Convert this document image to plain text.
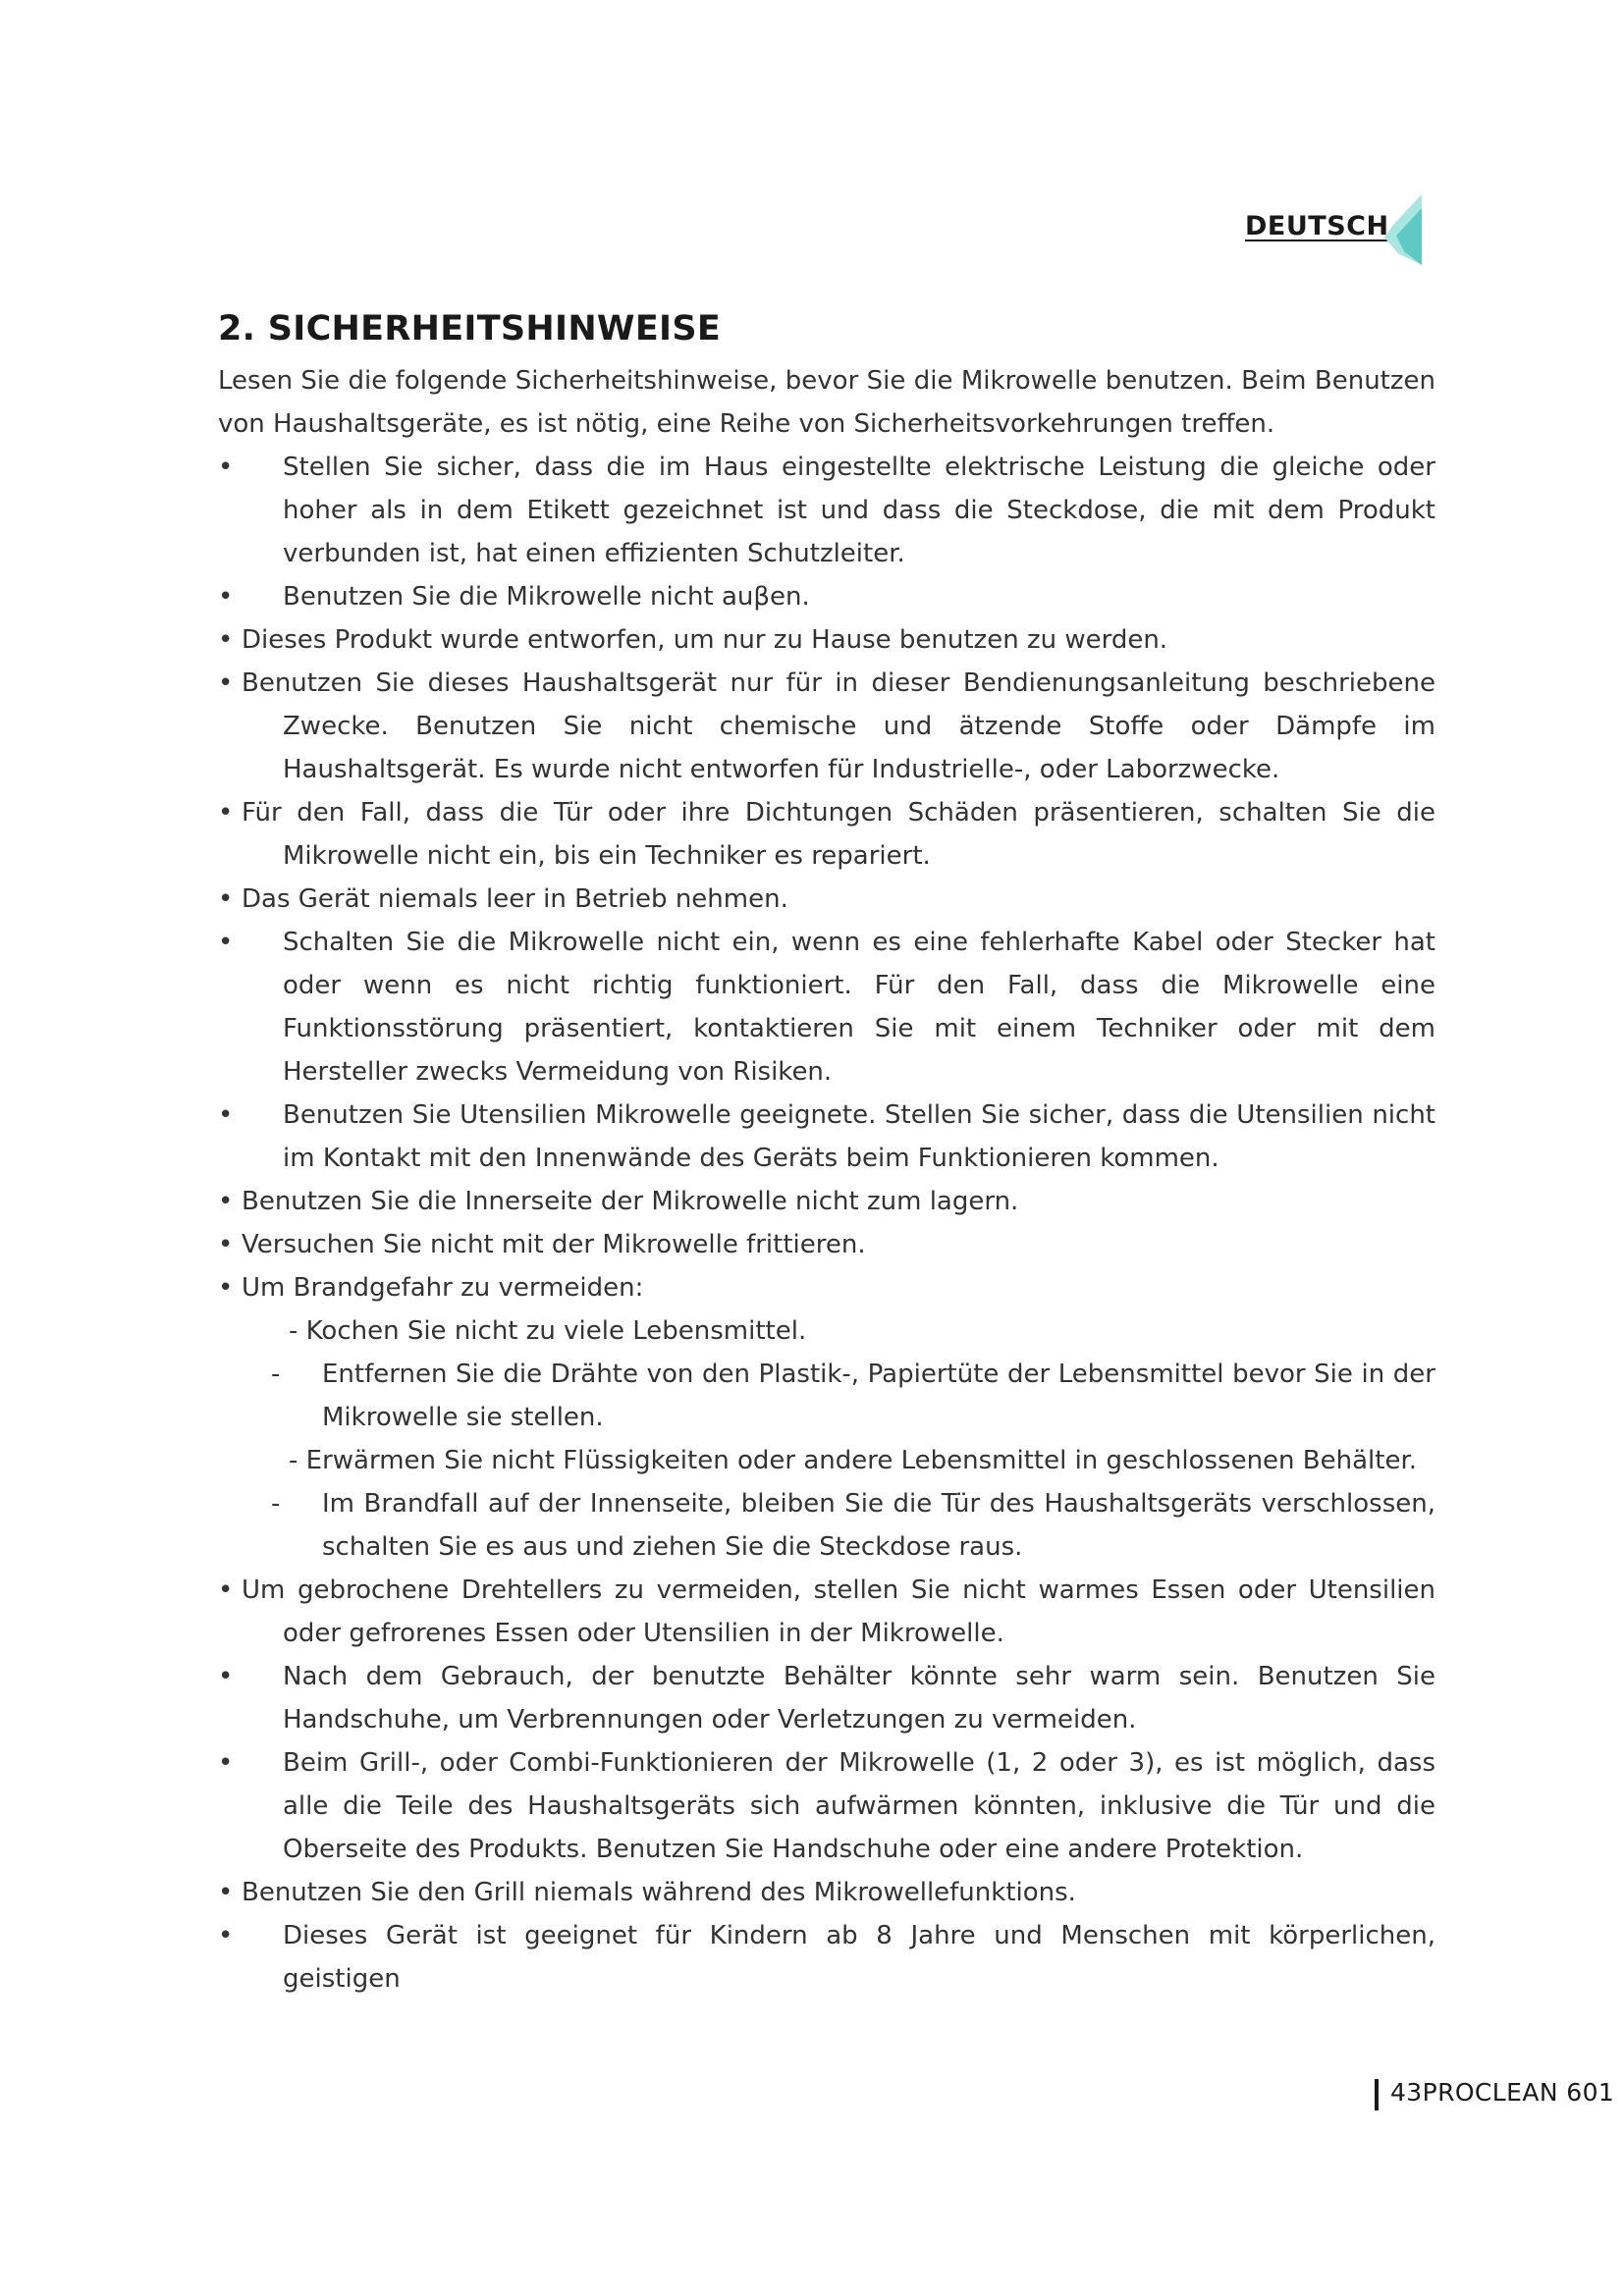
DEUTSCH
2. SICHERHEITSHINWEISE

Lesen Sie die folgende Sicherheitshinweise, bevor Sie die Mikrowelle benutzen. Beim Benutzen von Haushaltsgeräte, es ist nötig, eine Reihe von Sicherheitsvorkehrungen treffen.

• Stellen Sie sicher, dass die im Haus eingestellte elektrische Leistung die gleiche oder hoher als in dem Etikett gezeichnet ist und dass die Steckdose, die mit dem Produkt verbunden ist, hat einen effizienten Schutzleiter.
• Benutzen Sie die Mikrowelle nicht auβen.
• Dieses Produkt wurde entworfen, um nur zu Hause benutzen zu werden.
• Benutzen Sie dieses Haushaltsgerät nur für in dieser Bendienungsanleitung beschriebene Zwecke. Benutzen Sie nicht chemische und ätzende Stoffe oder Dämpfe im Haushaltsgerät. Es wurde nicht entworfen für Industrielle-, oder Laborzwecke.
• Für den Fall, dass die Tür oder ihre Dichtungen Schäden präsentieren, schalten Sie die Mikrowelle nicht ein, bis ein Techniker es repariert.
• Das Gerät niemals leer in Betrieb nehmen.
• Schalten Sie die Mikrowelle nicht ein, wenn es eine fehlerhafte Kabel oder Stecker hat oder wenn es nicht richtig funktioniert. Für den Fall, dass die Mikrowelle eine Funktionsstörung präsentiert, kontaktieren Sie mit einem Techniker oder mit dem Hersteller zwecks Vermeidung von Risiken.
• Benutzen Sie Utensilien Mikrowelle geeignete. Stellen Sie sicher, dass die Utensilien nicht im Kontakt mit den Innenwände des Geräts beim Funktionieren kommen.
• Benutzen Sie die Innerseite der Mikrowelle nicht zum lagern.
• Versuchen Sie nicht mit der Mikrowelle frittieren.
• Um Brandgefahr zu vermeiden:
- Kochen Sie nicht zu viele Lebensmittel.
- Entfernen Sie die Drähte von den Plastik-, Papiertüte der Lebensmittel bevor Sie in der Mikrowelle sie stellen.
- Erwärmen Sie nicht Flüssigkeiten oder andere Lebensmittel in geschlossenen Behälter.
- Im Brandfall auf der Innenseite, bleiben Sie die Tür des Haushaltsgeräts verschlossen, schalten Sie es aus und ziehen Sie die Steckdose raus.
• Um gebrochene Drehtellers zu vermeiden, stellen Sie nicht warmes Essen oder Utensilien oder gefrorenes Essen oder Utensilien in der Mikrowelle.
• Nach dem Gebrauch, der benutzte Behälter könnte sehr warm sein. Benutzen Sie Handschuhe, um Verbrennungen oder Verletzungen zu vermeiden.
• Beim Grill-, oder Combi-Funktionieren der Mikrowelle (1, 2 oder 3), es ist möglich, dass alle die Teile des Haushaltsgeräts sich aufwärmen könnten, inklusive die Tür und die Oberseite des Produkts. Benutzen Sie Handschuhe oder eine andere Protektion.
• Benutzen Sie den Grill niemals während des Mikrowellefunktions.
• Dieses Gerät ist geeignet für Kindern ab 8 Jahre und Menschen mit körperlichen, geistigen
43PROCLEAN 601
